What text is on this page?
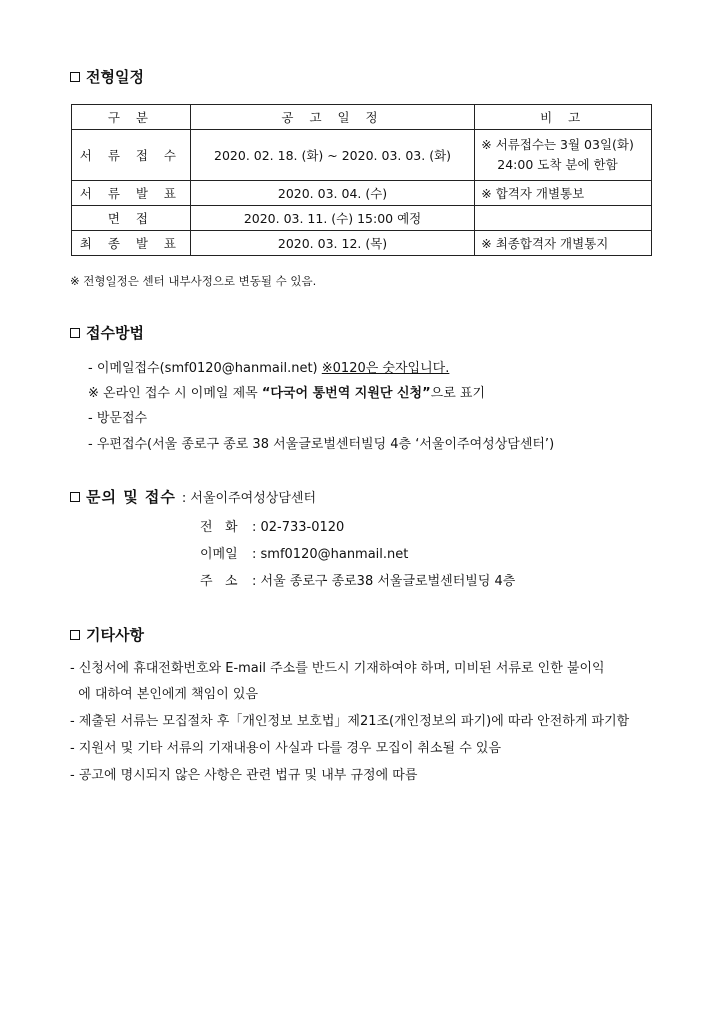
전형일정
구 분	공 고 일 정	비 고
서 류 접 수	2020. 02. 18. (화) ~ 2020. 03. 03. (화)	※ 서류접수는 3월 03일(화)
24:00 도착 분에 한함

서 류 발 표	2020. 03. 04. (수)	※ 합격자 개별통보
면 접	2020. 03. 11. (수) 15:00 예정	
최 종 발 표	2020. 03. 12. (목)	※ 최종합격자 개별통지
※ 전형일정은 센터 내부사정으로 변동될 수 있음.
접수방법
- 이메일접수(smf0120@hanmail.net) ※0120은 숫자입니다.
※ 온라인 접수 시 이메일 제목 “다국어 통번역 지원단 신청”으로 표기
- 방문접수
- 우편접수(서울 종로구 종로 38 서울글로벌센터빌딩 4층 ‘서울이주여성상담센터’)
문의 및 접수 : 서울이주여성상담센터
전   화 : 02-733-0120
이메일 : smf0120@hanmail.net
주   소 : 서울 종로구 종로38 서울글로벌센터빌딩 4층
기타사항
- 신청서에 휴대전화번호와 E-mail 주소를 반드시 기재하여야 하며, 미비된 서류로 인한 불이익
에 대하여 본인에게 책임이 있음
- 제출된 서류는 모집절차 후「개인정보 보호법」제21조(개인정보의 파기)에 따라 안전하게 파기함
- 지원서 및 기타 서류의 기재내용이 사실과 다를 경우 모집이 취소될 수 있음
- 공고에 명시되지 않은 사항은 관련 법규 및 내부 규정에 따름
